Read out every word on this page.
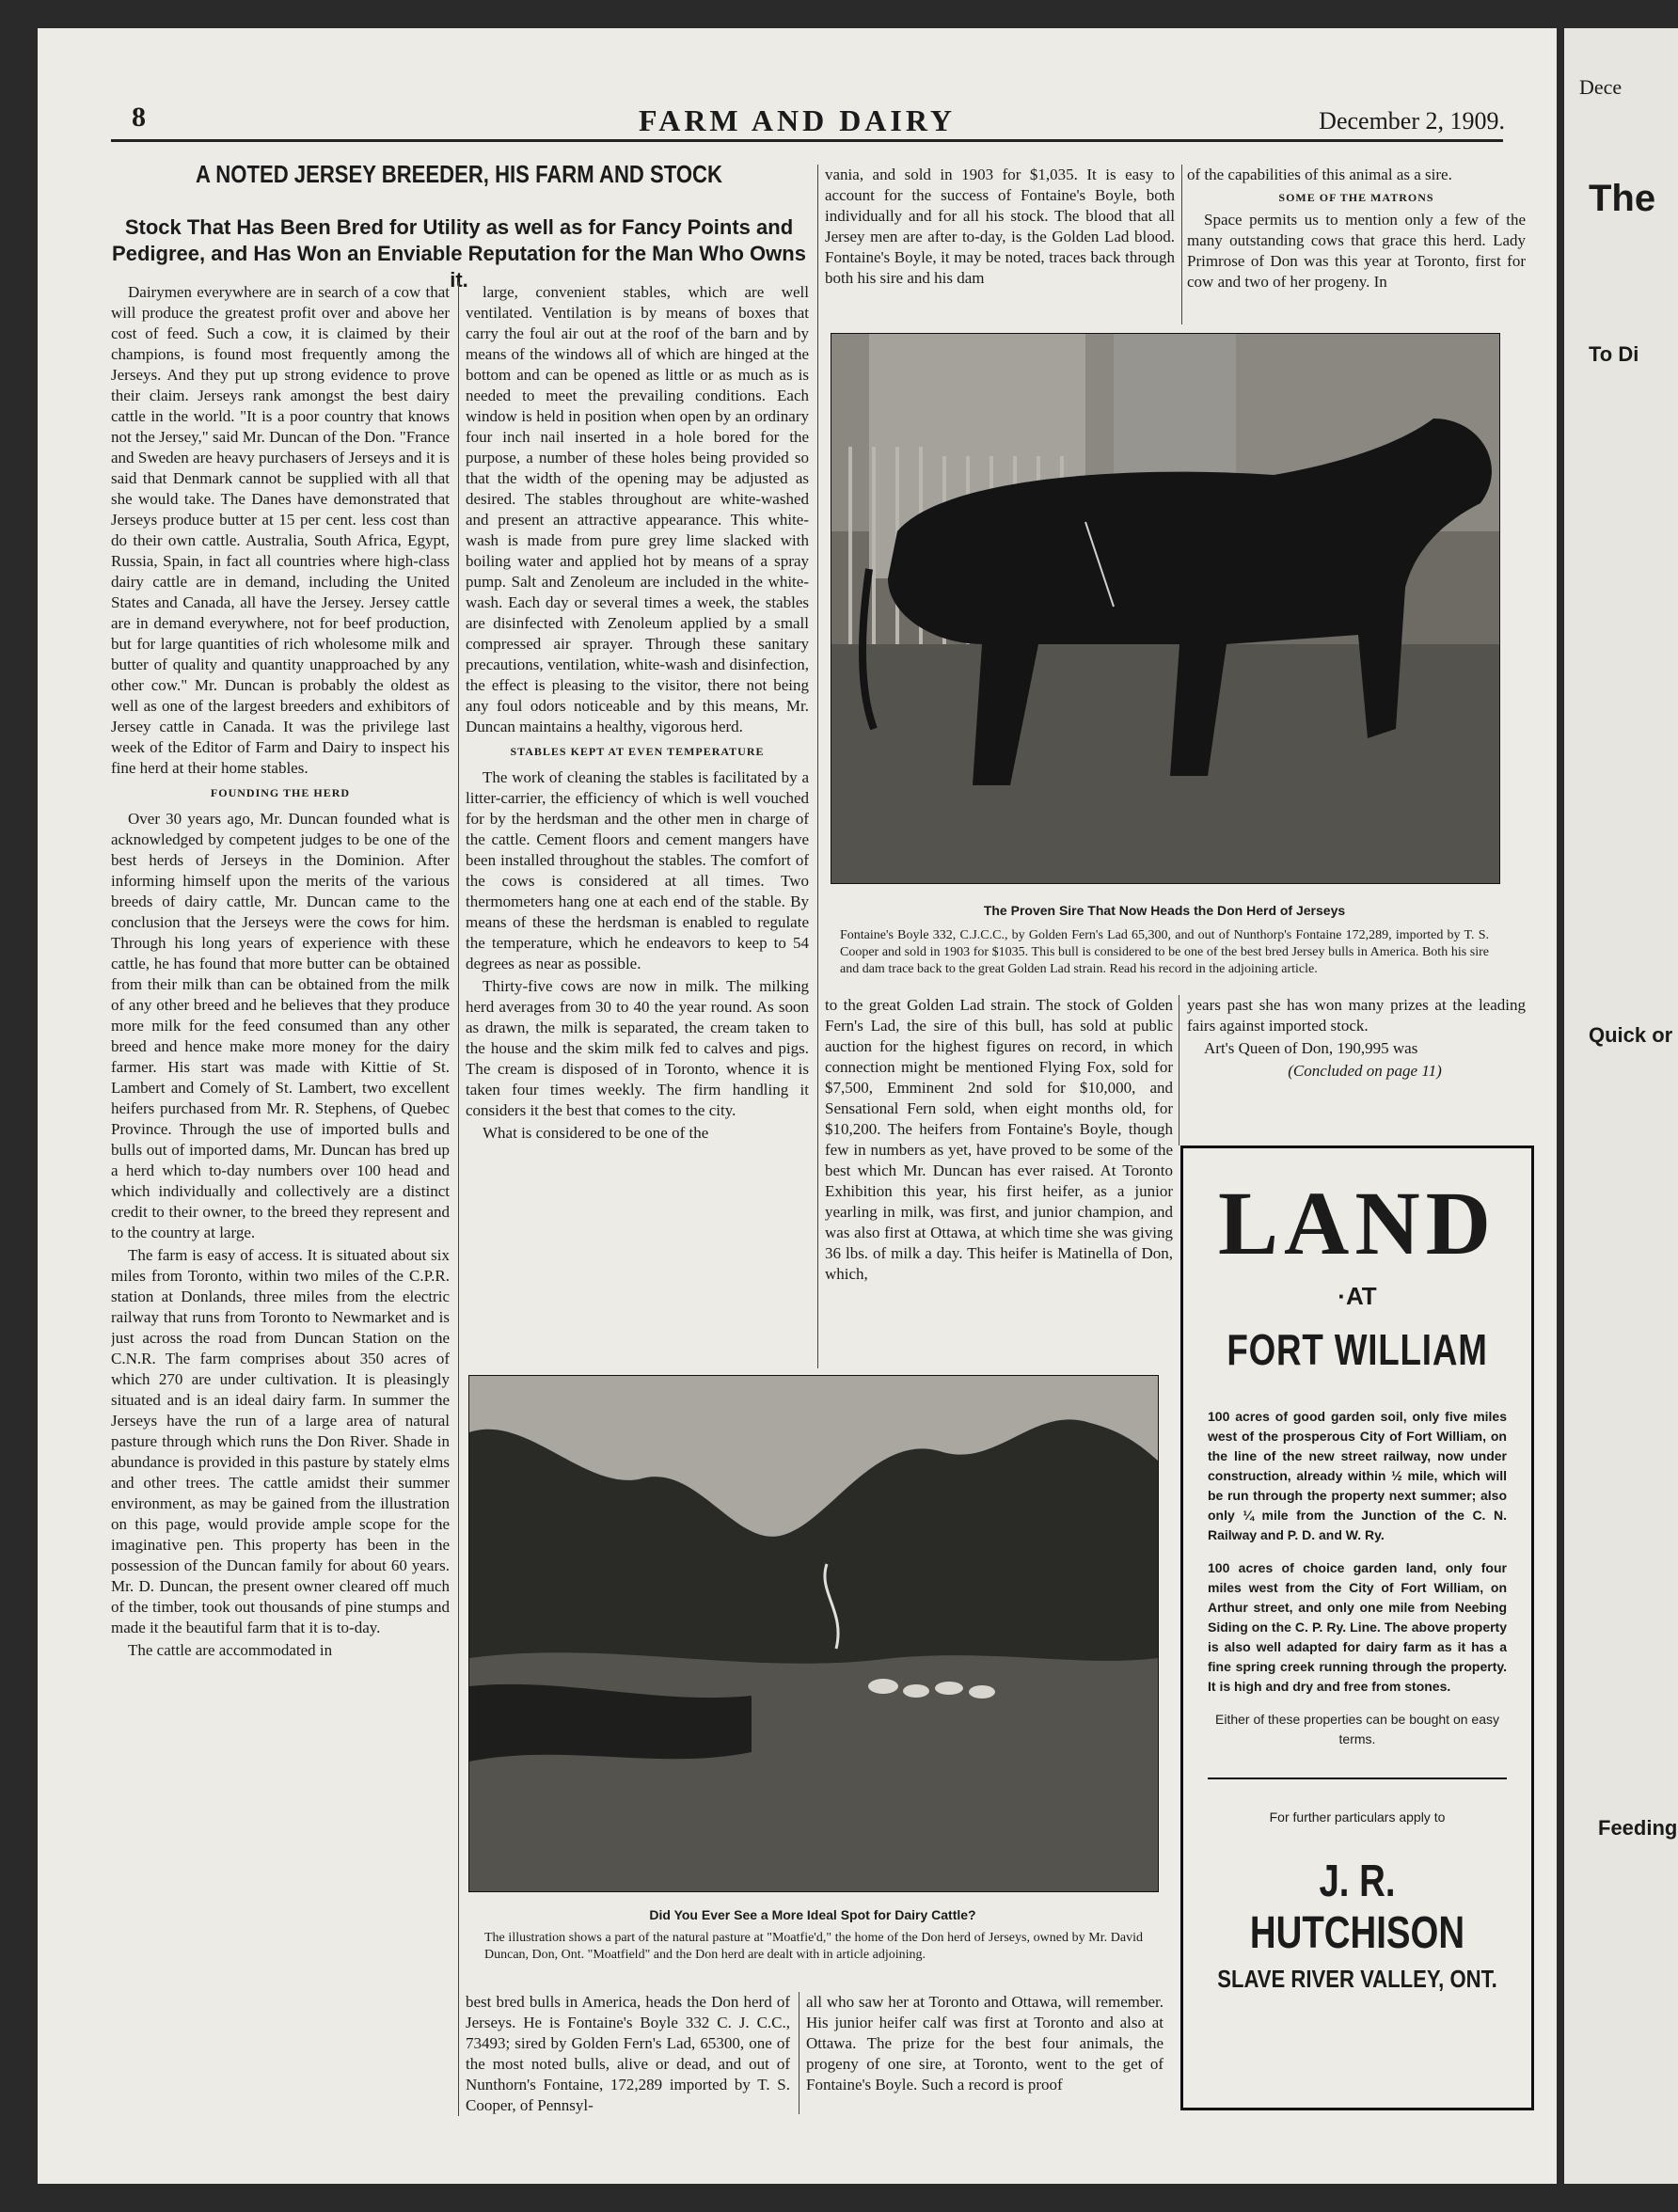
Dece
The
To Di
Quick or
Feeding
8	FARM AND DAIRY	December 2, 1909.
A NOTED JERSEY BREEDER, HIS FARM AND STOCK
Stock That Has Been Bred for Utility as well as for Fancy Points and Pedigree, and Has Won an Enviable Reputation for the Man Who Owns it.

Dairymen everywhere are in search of a cow that will produce the greatest profit over and above her cost of feed. Such a cow, it is claimed by their champions, is found most frequently among the Jerseys. And they put up strong evidence to prove their claim. Jerseys rank amongst the best dairy cattle in the world. "It is a poor country that knows not the Jersey," said Mr. Duncan of the Don. "France and Sweden are heavy purchasers of Jerseys and it is said that Denmark cannot be supplied with all that she would take. The Danes have demonstrated that Jerseys produce butter at 15 per cent. less cost than do their own cattle. Australia, South Africa, Egypt, Russia, Spain, in fact all countries where high-class dairy cattle are in demand, including the United States and Canada, all have the Jersey. Jersey cattle are in demand everywhere, not for beef production, but for large quantities of rich wholesome milk and butter of quality and quantity unapproached by any other cow." Mr. Duncan is probably the oldest as well as one of the largest breeders and exhibitors of Jersey cattle in Canada. It was the privilege last week of the Editor of Farm and Dairy to inspect his fine herd at their home stables.

FOUNDING THE HERD

Over 30 years ago, Mr. Duncan founded what is acknowledged by competent judges to be one of the best herds of Jerseys in the Dominion. After informing himself upon the merits of the various breeds of dairy cattle, Mr. Duncan came to the conclusion that the Jerseys were the cows for him. Through his long years of experience with these cattle, he has found that more butter can be obtained from their milk than can be obtained from the milk of any other breed and he believes that they produce more milk for the feed consumed than any other breed and hence make more money for the dairy farmer. His start was made with Kittie of St. Lambert and Comely of St. Lambert, two excellent heifers purchased from Mr. R. Stephens, of Quebec Province. Through the use of imported bulls and bulls out of imported dams, Mr. Duncan has bred up a herd which to-day numbers over 100 head and which individually and collectively are a distinct credit to their owner, to the breed they represent and to the country at large.

The farm is easy of access. It is situated about six miles from Toronto, within two miles of the C.P.R. station at Donlands, three miles from the electric railway that runs from Toronto to Newmarket and is just across the road from Duncan Station on the C.N.R. The farm comprises about 350 acres of which 270 are under cultivation. It is pleasingly situated and is an ideal dairy farm. In summer the Jerseys have the run of a large area of natural pasture through which runs the Don River. Shade in abundance is provided in this pasture by stately elms and other trees. The cattle amidst their summer environment, as may be gained from the illustration on this page, would provide ample scope for the imaginative pen. This property has been in the possession of the Duncan family for about 60 years. Mr. D. Duncan, the present owner cleared off much of the timber, took out thousands of pine stumps and made it the beautiful farm that it is to-day.

The cattle are accommodated in

large, convenient stables, which are well ventilated. Ventilation is by means of boxes that carry the foul air out at the roof of the barn and by means of the windows all of which are hinged at the bottom and can be opened as little or as much as is needed to meet the prevailing conditions. Each window is held in position when open by an ordinary four inch nail inserted in a hole bored for the purpose, a number of these holes being provided so that the width of the opening may be adjusted as desired. The stables throughout are white-washed and present an attractive appearance. This white-wash is made from pure grey lime slacked with boiling water and applied hot by means of a spray pump. Salt and Zenoleum are included in the white-wash. Each day or several times a week, the stables are disinfected with Zenoleum applied by a small compressed air sprayer. Through these sanitary precautions, ventilation, white-wash and disinfection, the effect is pleasing to the visitor, there not being any foul odors noticeable and by this means, Mr. Duncan maintains a healthy, vigorous herd.

STABLES KEPT AT EVEN TEMPERATURE

The work of cleaning the stables is facilitated by a litter-carrier, the efficiency of which is well vouched for by the herdsman and the other men in charge of the cattle. Cement floors and cement mangers have been installed throughout the stables. The comfort of the cows is considered at all times. Two thermometers hang one at each end of the stable. By means of these the herdsman is enabled to regulate the temperature, which he endeavors to keep to 54 degrees as near as possible.

Thirty-five cows are now in milk. The milking herd averages from 30 to 40 the year round. As soon as drawn, the milk is separated, the cream taken to the house and the skim milk fed to calves and pigs. The cream is disposed of in Toronto, whence it is taken four times weekly. The firm handling it considers it the best that comes to the city.

What is considered to be one of the

vania, and sold in 1903 for $1,035. It is easy to account for the success of Fontaine's Boyle, both individually and for all his stock. The blood that all Jersey men are after to-day, is the Golden Lad blood. Fontaine's Boyle, it may be noted, traces back through both his sire and his dam

of the capabilities of this animal as a sire.

SOME OF THE MATRONS

Space permits us to mention only a few of the many outstanding cows that grace this herd. Lady Primrose of Don was this year at Toronto, first for cow and two of her progeny. In

The Proven Sire That Now Heads the Don Herd of Jerseys
Fontaine's Boyle 332, C.J.C.C., by Golden Fern's Lad 65,300, and out of Nunthorp's Fontaine 172,289, imported by T. S. Cooper and sold in 1903 for $1035. This bull is considered to be one of the best bred Jersey bulls in America. Both his sire and dam trace back to the great Golden Lad strain. Read his record in the adjoining article.

to the great Golden Lad strain. The stock of Golden Fern's Lad, the sire of this bull, has sold at public auction for the highest figures on record, in which connection might be mentioned Flying Fox, sold for $7,500, Emminent 2nd sold for $10,000, and Sensational Fern sold, when eight months old, for $10,200. The heifers from Fontaine's Boyle, though few in numbers as yet, have proved to be some of the best which Mr. Duncan has ever raised. At Toronto Exhibition this year, his first heifer, as a junior yearling in milk, was first, and junior champion, and was also first at Ottawa, at which time she was giving 36 lbs. of milk a day. This heifer is Matinella of Don, which,

years past she has won many prizes at the leading fairs against imported stock.

Art's Queen of Don, 190,995 was

(Concluded on page 11)

Did You Ever See a More Ideal Spot for Dairy Cattle?
The illustration shows a part of the natural pasture at "Moatfie'd," the home of the Don herd of Jerseys, owned by Mr. David Duncan, Don, Ont. "Moatfield" and the Don herd are dealt with in article adjoining.

best bred bulls in America, heads the Don herd of Jerseys. He is Fontaine's Boyle 332 C. J. C.C., 73493; sired by Golden Fern's Lad, 65300, one of the most noted bulls, alive or dead, and out of Nunthorn's Fontaine, 172,289 imported by T. S. Cooper, of Pennsyl-

all who saw her at Toronto and Ottawa, will remember. His junior heifer calf was first at Toronto and also at Ottawa. The prize for the best four animals, the progeny of one sire, at Toronto, went to the get of Fontaine's Boyle. Such a record is proof

LAND
·AT
FORT WILLIAM
100 acres of good garden soil, only five miles west of the prosperous City of Fort William, on the line of the new street railway, now under construction, already within ½ mile, which will be run through the property next summer; also only ¼ mile from the Junction of the C. N. Railway and P. D. and W. Ry.
100 acres of choice garden land, only four miles west from the City of Fort William, on Arthur street, and only one mile from Neebing Siding on the C. P. Ry. Line. The above property is also well adapted for dairy farm as it has a fine spring creek running through the property. It is high and dry and free from stones.
Either of these properties can be bought on easy terms.
For further particulars apply to
J. R. HUTCHISON
SLAVE RIVER VALLEY, ONT.
